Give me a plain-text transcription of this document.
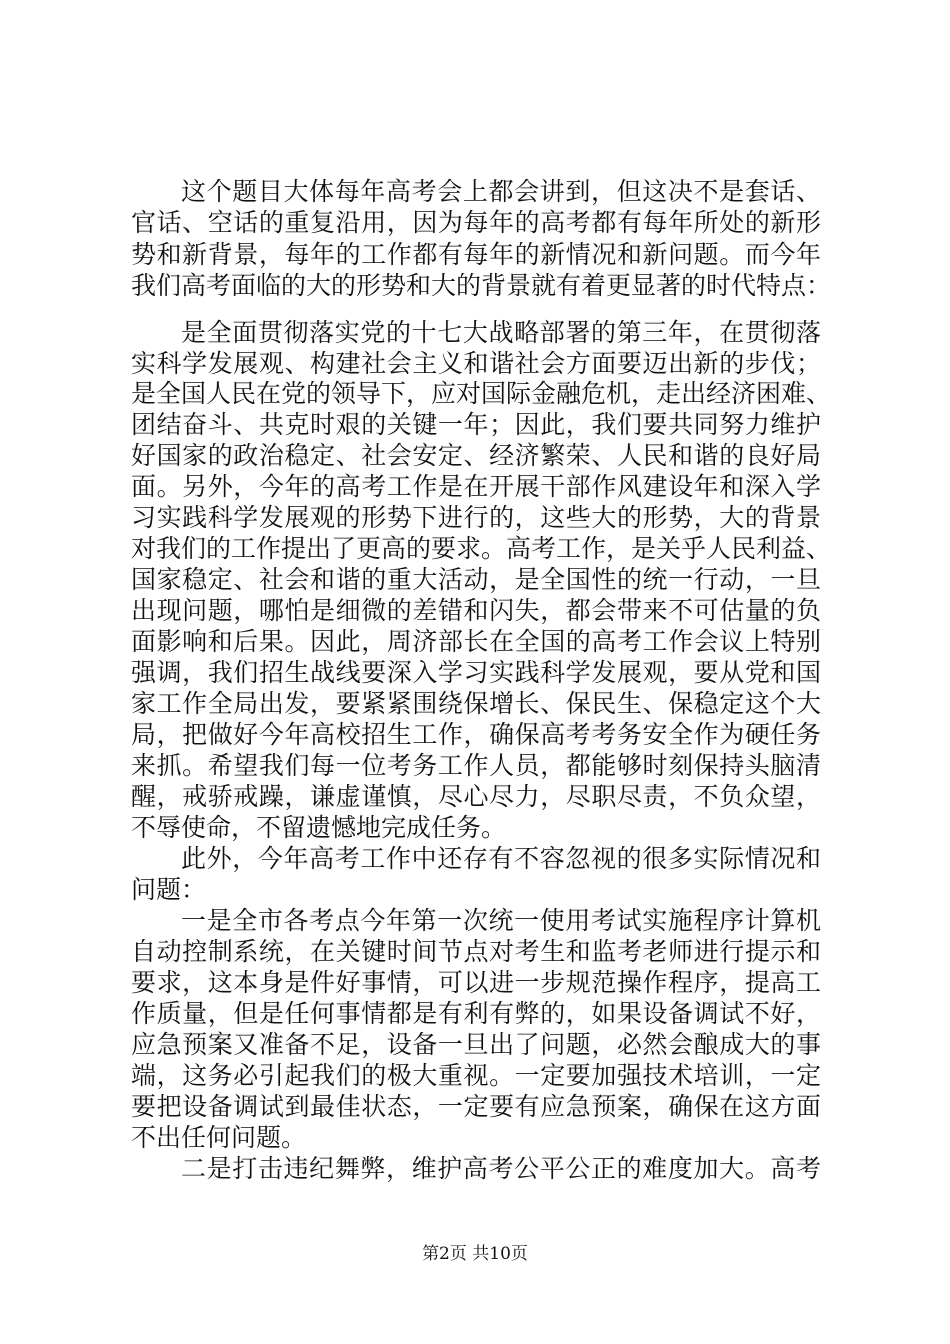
这个题目大体每年高考会上都会讲到，但这决不是套话、
官话、空话的重复沿用，因为每年的高考都有每年所处的新形
势和新背景，每年的工作都有每年的新情况和新问题。而今年
我们高考面临的大的形势和大的背景就有着更显著的时代特点：
是全面贯彻落实党的十七大战略部署的第三年，在贯彻落
实科学发展观、构建社会主义和谐社会方面要迈出新的步伐；
是全国人民在党的领导下，应对国际金融危机，走出经济困难、
团结奋斗、共克时艰的关键一年；因此，我们要共同努力维护
好国家的政治稳定、社会安定、经济繁荣、人民和谐的良好局
面。另外，今年的高考工作是在开展干部作风建设年和深入学
习实践科学发展观的形势下进行的，这些大的形势，大的背景
对我们的工作提出了更高的要求。高考工作，是关乎人民利益、
国家稳定、社会和谐的重大活动，是全国性的统一行动，一旦
出现问题，哪怕是细微的差错和闪失，都会带来不可估量的负
面影响和后果。因此，周济部长在全国的高考工作会议上特别
强调，我们招生战线要深入学习实践科学发展观，要从党和国
家工作全局出发，要紧紧围绕保增长、保民生、保稳定这个大
局，把做好今年高校招生工作，确保高考考务安全作为硬任务
来抓。希望我们每一位考务工作人员，都能够时刻保持头脑清
醒，戒骄戒躁，谦虚谨慎，尽心尽力，尽职尽责，不负众望，
不辱使命，不留遗憾地完成任务。
此外，今年高考工作中还存有不容忽视的很多实际情况和
问题：
一是全市各考点今年第一次统一使用考试实施程序计算机
自动控制系统，在关键时间节点对考生和监考老师进行提示和
要求，这本身是件好事情，可以进一步规范操作程序，提高工
作质量，但是任何事情都是有利有弊的，如果设备调试不好，
应急预案又准备不足，设备一旦出了问题，必然会酿成大的事
端，这务必引起我们的极大重视。一定要加强技术培训，一定
要把设备调试到最佳状态，一定要有应急预案，确保在这方面
不出任何问题。
二是打击违纪舞弊，维护高考公平公正的难度加大。高考
第2页 共10页
